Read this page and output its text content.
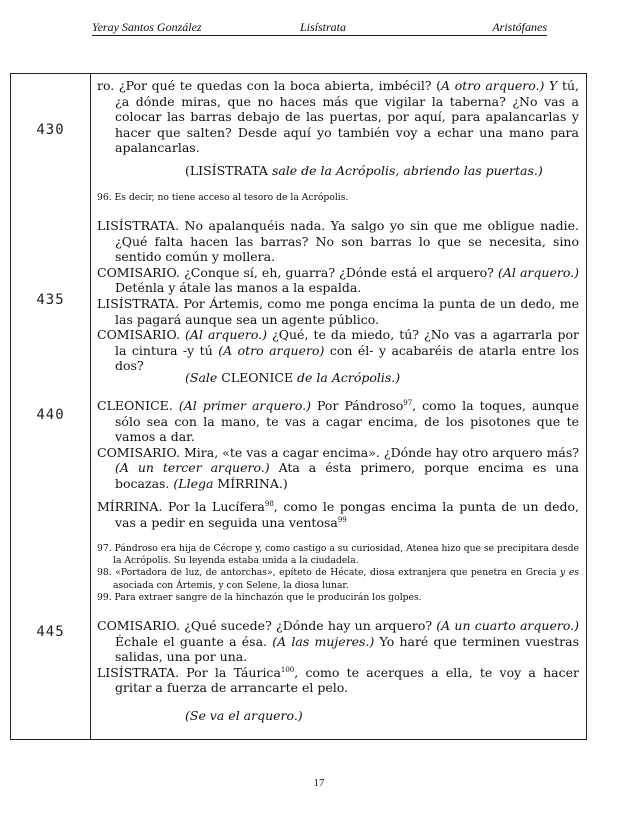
Yeray Santos González	Lisístrata	Aristófanes
430
435
440
445

ro. ¿Por qué te quedas con la boca abierta, imbécil? (A otro arquero.) Y tú, ¿a dónde miras, que no haces más que vigilar la taberna? ¿No vas a colocar las barras debajo de las puertas, por aquí, para apalancarlas y hacer que salten? Desde aquí yo también voy a echar una mano para apalancarlas.

(LISÍSTRATA sale de la Acrópolis, abriendo las puertas.)

96. Es decir, no tiene acceso al tesoro de la Acrópolis.

LISÍSTRATA. No apalanquéis nada. Ya salgo yo sin que me obligue nadie. ¿Qué falta hacen las barras? No son barras lo que se necesita, sino sentido común y mollera.

COMISARIO. ¿Conque sí, eh, guarra? ¿Dónde está el arquero? (Al arquero.) Deténla y átale las manos a la espalda.

LISÍSTRATA. Por Ártemis, como me ponga encima la punta de un dedo, me las pagará aunque sea un agente público.

COMISARIO. (Al arquero.) ¿Qué, te da miedo, tú? ¿No vas a agarrarla por la cintura -y tú (A otro arquero) con él- y acabaréis de atarla entre los dos?

(Sale CLEONICE de la Acrópolis.)

CLEONICE. (Al primer arquero.) Por Pándroso$^{97}$, como la toques, aunque sólo sea con la mano, te vas a cagar encima, de los pisotones que te vamos a dar.

COMISARIO. Mira, «te vas a cagar encima». ¿Dónde hay otro arquero más? (A un tercer arquero.) Ata a ésta primero, porque encima es una bocazas. (Llega MÍRRINA.)

MÍRRINA. Por la Lucífera$^{98}$, como le pongas encima la punta de un dedo, vas a pedir en seguida una ventosa$^{99}$

97. Pándroso era hija de Cécrope y, como castigo a su curiosidad, Atenea hizo que se precipitara desde la Acrópolis. Su leyenda estaba unida a la ciudadela.

98. «Portadora de luz, de antorchas», epíteto de Hécate, diosa extranjera que penetra en Grecia y es asociada con Ártemis, y con Selene, la diosa lunar.

99. Para extraer sangre de la hinchazón que le producirán los golpes.

COMISARIO. ¿Qué sucede? ¿Dónde hay un arquero? (A un cuarto arquero.) Échale el guante a ésa. (A las mujeres.) Yo haré que terminen vuestras salidas, una por una.

LISÍSTRATA. Por la Táurica$^{100}$, como te acerques a ella, te voy a hacer gritar a fuerza de arrancarte el pelo.

(Se va el arquero.)
17
